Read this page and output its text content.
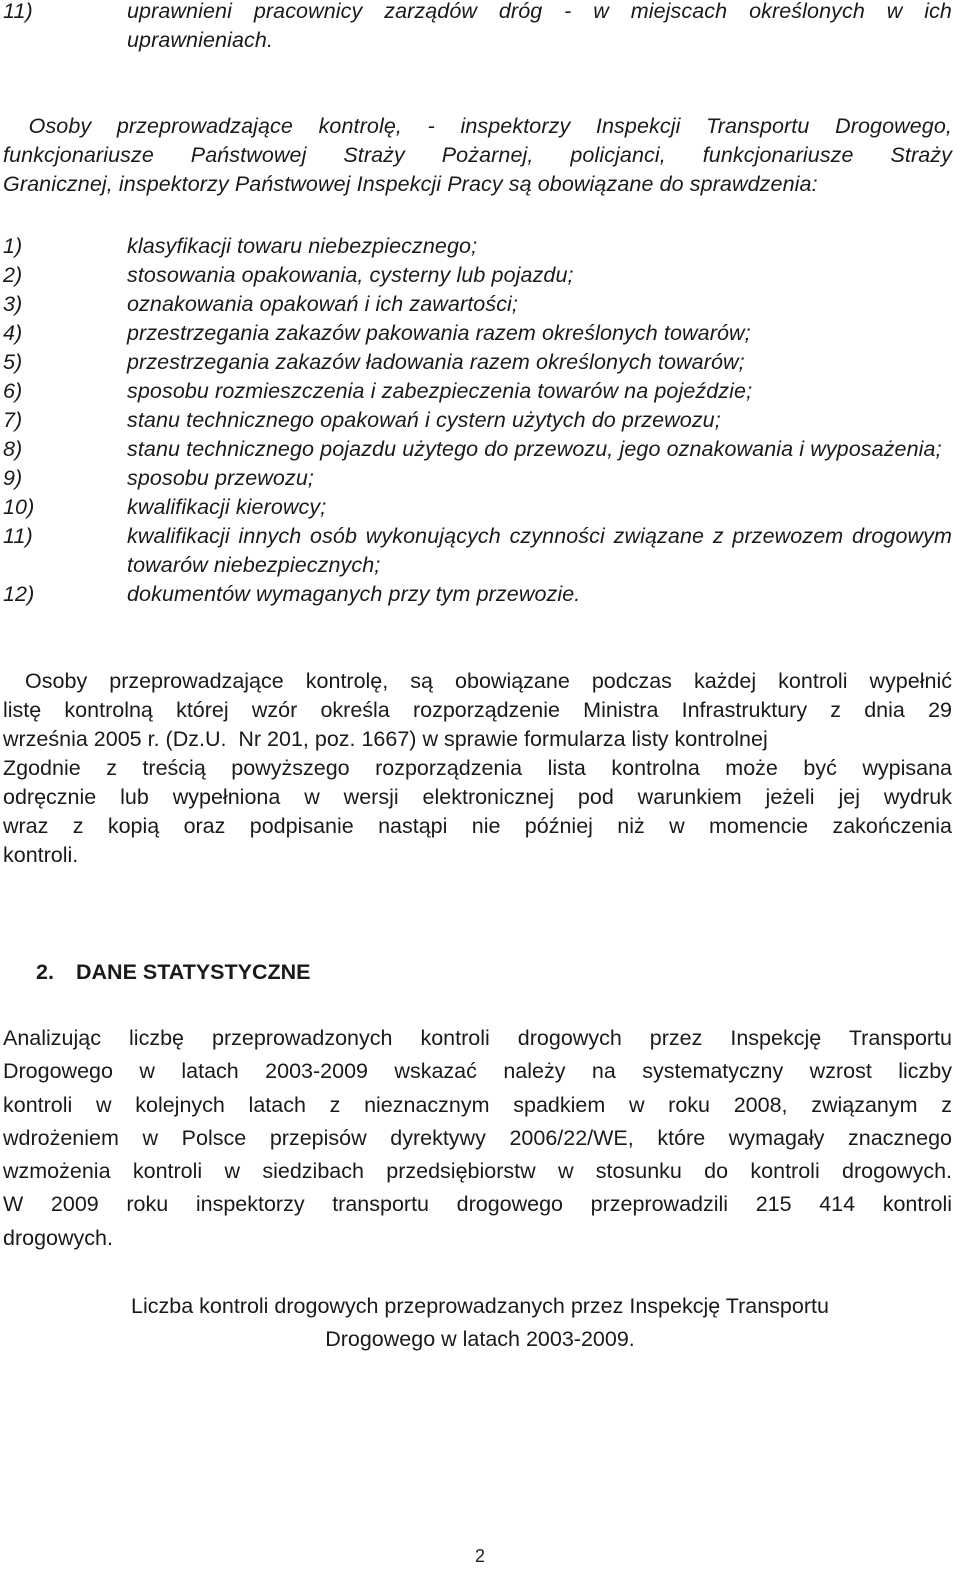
11)	uprawnieni pracownicy zarządów dróg - w miejscach określonych w ich
uprawnieniach.
Osoby przeprowadzające kontrolę, - inspektorzy Inspekcji Transportu Drogowego,
funkcjonariusze Państwowej Straży Pożarnej, policjanci, funkcjonariusze Straży
Granicznej, inspektorzy Państwowej Inspekcji Pracy są obowiązane do sprawdzenia:
1)	klasyfikacji towaru niebezpiecznego;
2)	stosowania opakowania, cysterny lub pojazdu;
3)	oznakowania opakowań i ich zawartości;
4)	przestrzegania zakazów pakowania razem określonych towarów;
5)	przestrzegania zakazów ładowania razem określonych towarów;
6)	sposobu rozmieszczenia i zabezpieczenia towarów na pojeździe;
7)	stanu technicznego opakowań i cystern użytych do przewozu;
8)	stanu technicznego pojazdu użytego do przewozu, jego oznakowania i wyposażenia;
9)	sposobu przewozu;
10)	kwalifikacji kierowcy;
11)	kwalifikacji innych osób wykonujących czynności związane z przewozem drogowym towarów niebezpiecznych;
12)	dokumentów wymaganych przy tym przewozie.
Osoby przeprowadzające kontrolę, są obowiązane podczas każdej kontroli wypełnić
listę kontrolną której wzór określa rozporządzenie Ministra Infrastruktury z dnia 29
września 2005 r. (Dz.U.  Nr 201, poz. 1667) w sprawie formularza listy kontrolnej
Zgodnie z treścią powyższego rozporządzenia lista kontrolna może być wypisana
odręcznie lub wypełniona w wersji elektronicznej pod warunkiem jeżeli jej wydruk
wraz z kopią oraz podpisanie nastąpi nie później niż w momencie zakończenia
kontroli.
2. DANE STATYSTYCZNE
Analizując liczbę przeprowadzonych kontroli drogowych przez Inspekcję Transportu
Drogowego w latach 2003-2009 wskazać należy na systematyczny wzrost liczby
kontroli w kolejnych latach z nieznacznym spadkiem w roku 2008, związanym z
wdrożeniem w Polsce przepisów dyrektywy 2006/22/WE, które wymagały znacznego
wzmożenia kontroli w siedzibach przedsiębiorstw w stosunku do kontroli drogowych.
W 2009 roku inspektorzy transportu drogowego przeprowadzili 215 414 kontroli
drogowych.
Liczba kontroli drogowych przeprowadzanych przez Inspekcję Transportu
Drogowego w latach 2003-2009.
2
